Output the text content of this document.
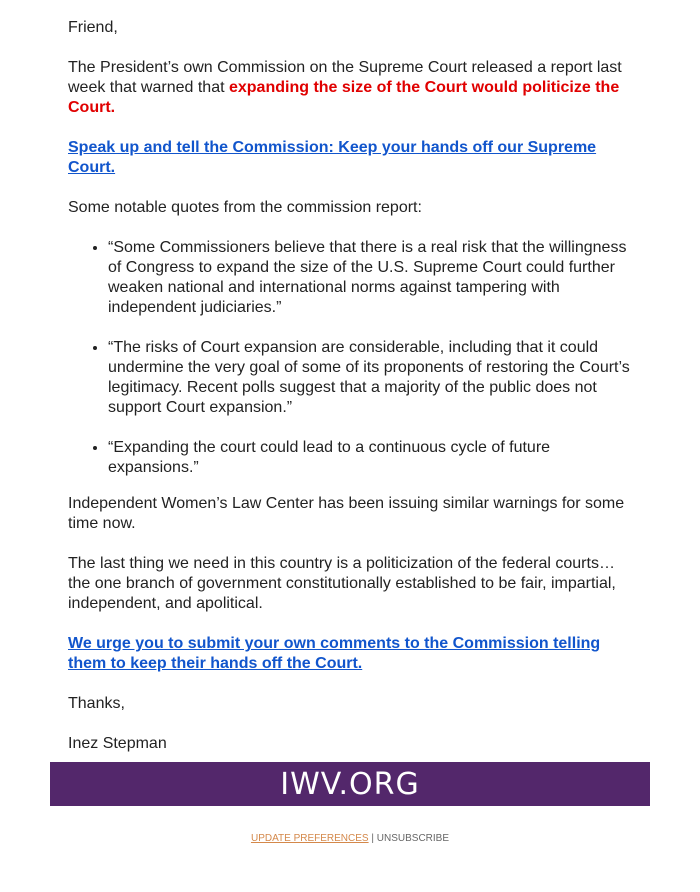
Friend,

The President’s own Commission on the Supreme Court released a report last week that warned that expanding the size of the Court would politicize the Court.

Speak up and tell the Commission: Keep your hands off our Supreme Court.

Some notable quotes from the commission report:

• “Some Commissioners believe that there is a real risk that the willingness of Congress to expand the size of the U.S. Supreme Court could further weaken national and international norms against tampering with independent judiciaries.”
• “The risks of Court expansion are considerable, including that it could undermine the very goal of some of its proponents of restoring the Court’s legitimacy. Recent polls suggest that a majority of the public does not support Court expansion.”
• “Expanding the court could lead to a continuous cycle of future expansions.”

Independent Women’s Law Center has been issuing similar warnings for some time now.

The last thing we need in this country is a politicization of the federal courts… the one branch of government constitutionally established to be fair, impartial, independent, and apolitical.

We urge you to submit your own comments to the Commission telling them to keep their hands off the Court.

Thanks,

Inez Stepman

IWV.ORG
UPDATE PREFERENCES | UNSUBSCRIBE
